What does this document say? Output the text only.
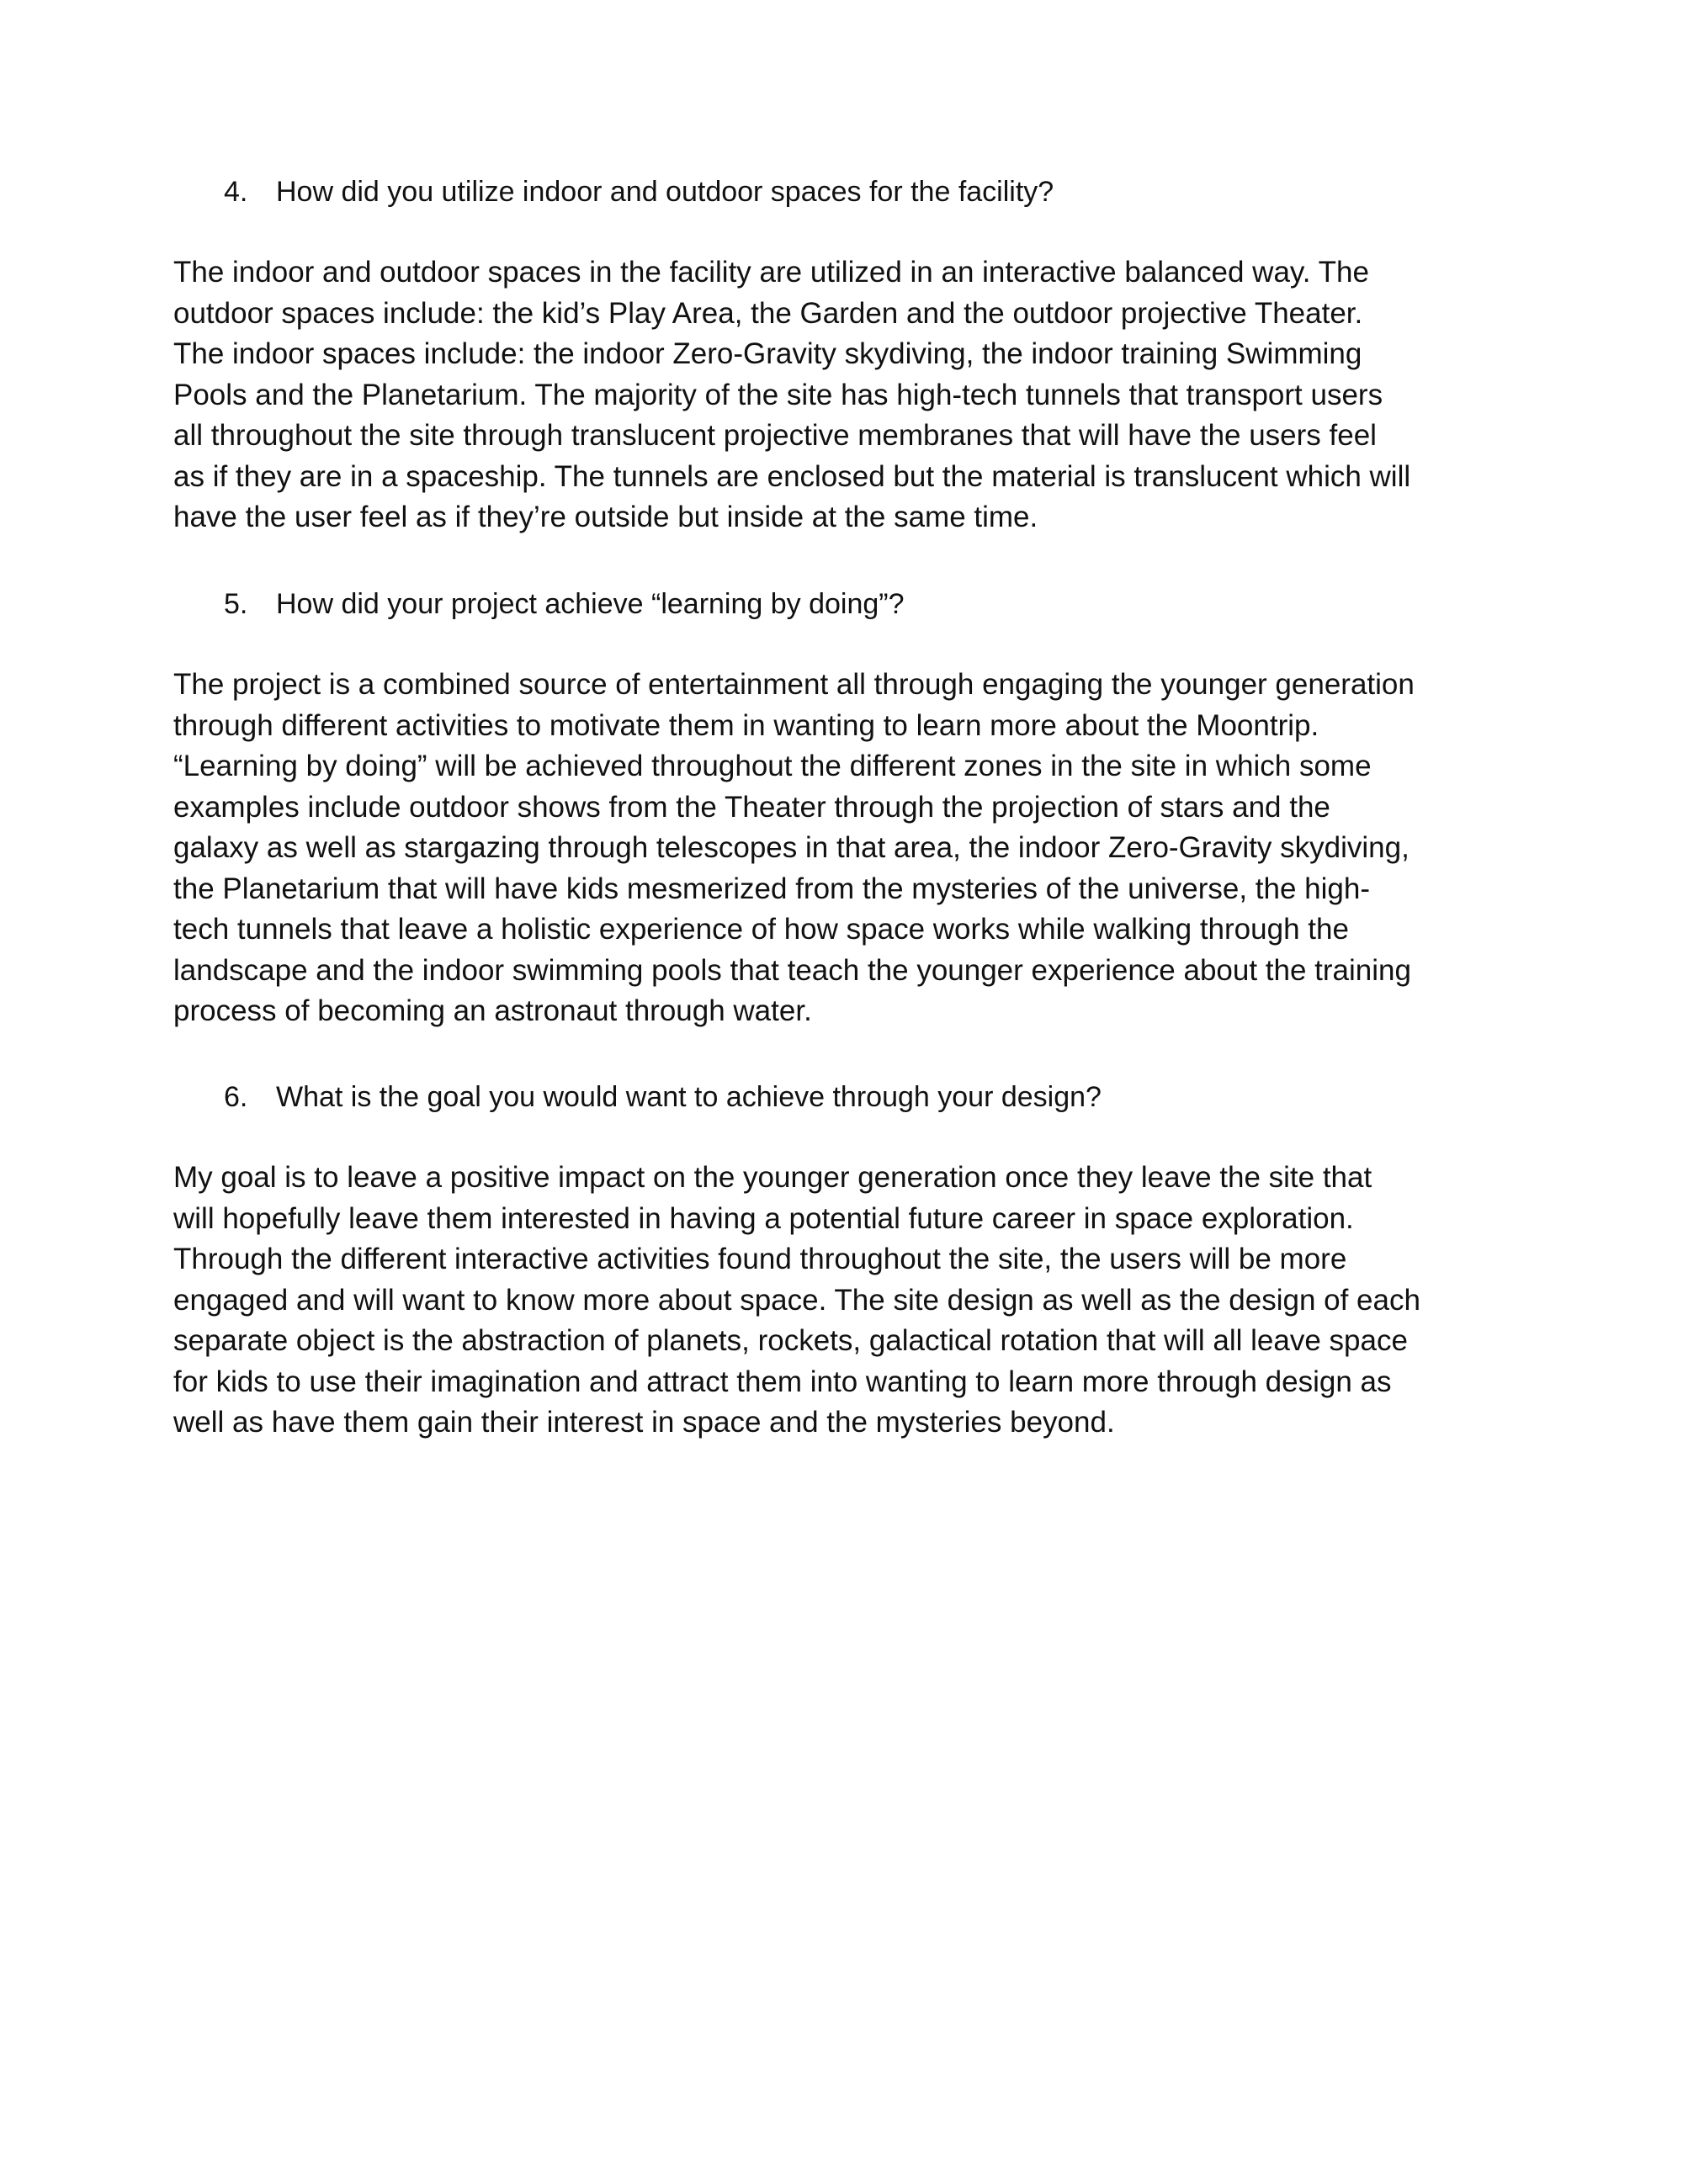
4. How did you utilize indoor and outdoor spaces for the facility?

The indoor and outdoor spaces in the facility are utilized in an interactive balanced way. The
outdoor spaces include: the kid’s Play Area, the Garden and the outdoor projective Theater.
The indoor spaces include: the indoor Zero-Gravity skydiving, the indoor training Swimming
Pools and the Planetarium. The majority of the site has high-tech tunnels that transport users
all throughout the site through translucent projective membranes that will have the users feel
as if they are in a spaceship. The tunnels are enclosed but the material is translucent which will
have the user feel as if they’re outside but inside at the same time.

5. How did your project achieve “learning by doing”?

The project is a combined source of entertainment all through engaging the younger generation
through different activities to motivate them in wanting to learn more about the Moontrip.
“Learning by doing” will be achieved throughout the different zones in the site in which some
examples include outdoor shows from the Theater through the projection of stars and the
galaxy as well as stargazing through telescopes in that area, the indoor Zero-Gravity skydiving,
the Planetarium that will have kids mesmerized from the mysteries of the universe, the high-
tech tunnels that leave a holistic experience of how space works while walking through the
landscape and the indoor swimming pools that teach the younger experience about the training
process of becoming an astronaut through water.

6. What is the goal you would want to achieve through your design?

My goal is to leave a positive impact on the younger generation once they leave the site that
will hopefully leave them interested in having a potential future career in space exploration.
Through the different interactive activities found throughout the site, the users will be more
engaged and will want to know more about space. The site design as well as the design of each
separate object is the abstraction of planets, rockets, galactical rotation that will all leave space
for kids to use their imagination and attract them into wanting to learn more through design as
well as have them gain their interest in space and the mysteries beyond.
